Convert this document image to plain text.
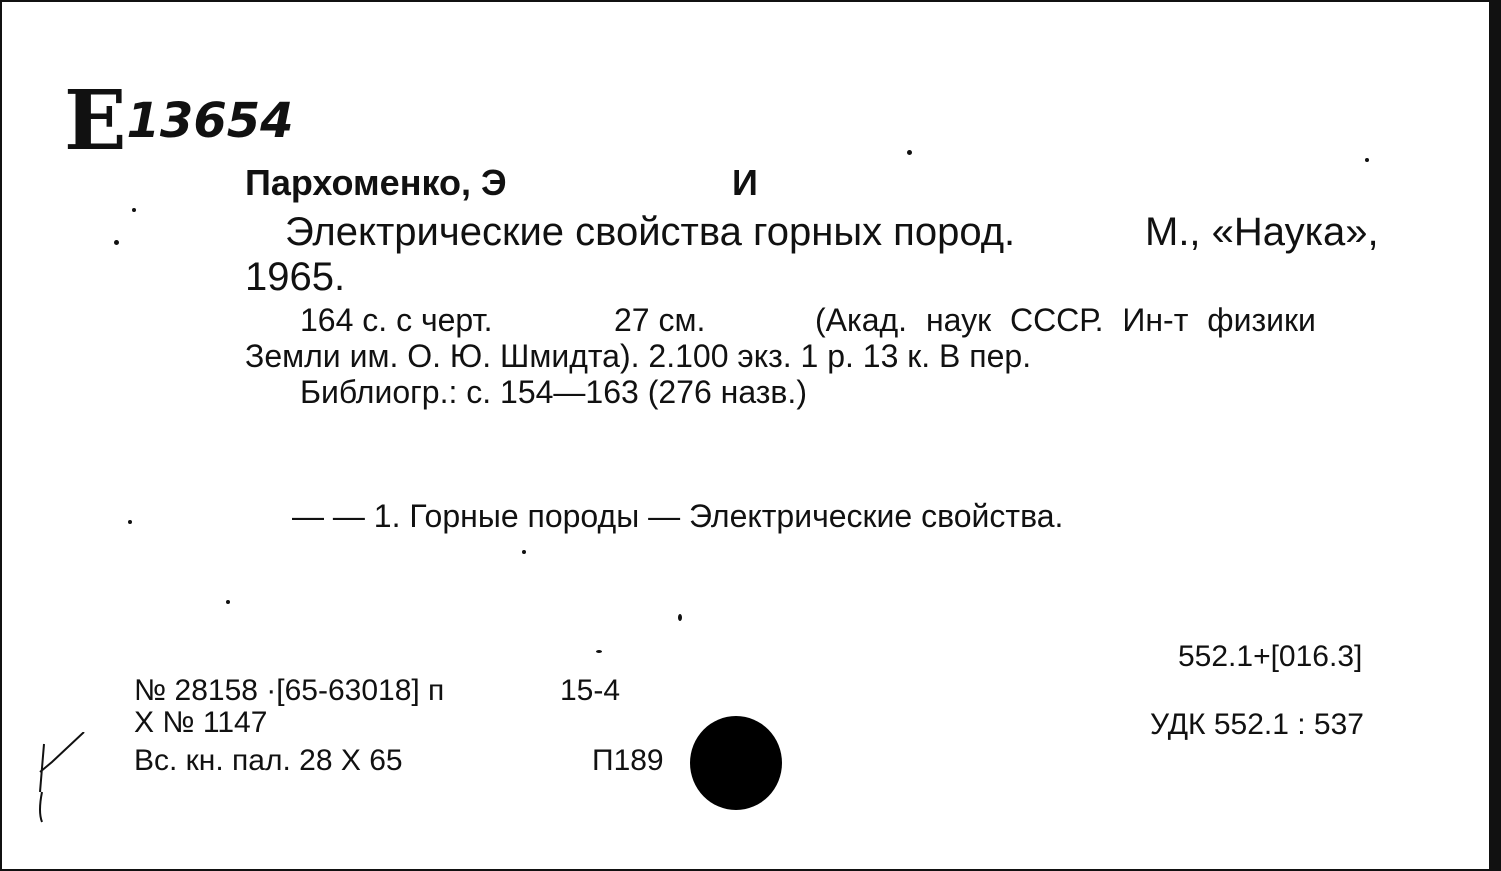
Е13654
Пархоменко, Э	И
Электрические свойства горных пород.	М., «Наука»,
1965.
164 с. с черт.	27 см.	(Акад. наук СССР. Ин-т физики
Земли им. О. Ю. Шмидта). 2.100 экз. 1 р. 13 к. В пер.
Библиогр.: с. 154—163 (276 назв.)
— — 1. Горные породы — Электрические свойства.
552.1+[016.3]
УДК 552.1 : 537
№ 28158 ·[65-63018] п	15-4
Х № 1147
Вс. кн. пал. 28 Х 65	П189
